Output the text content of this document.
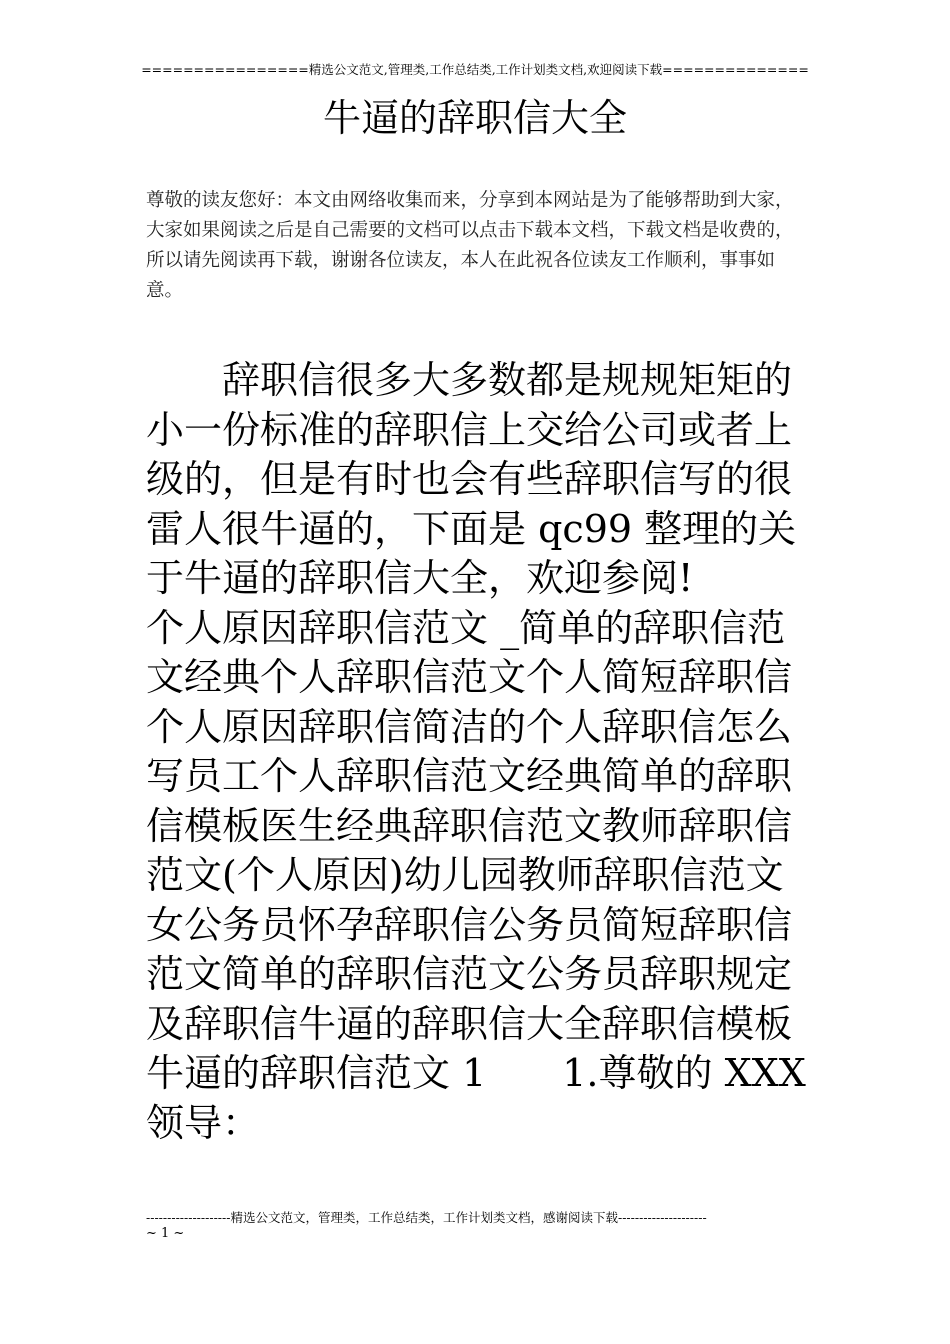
================精选公文范文,管理类,工作总结类,工作计划类文档,欢迎阅读下载==============
牛逼的辞职信大全
尊敬的读友您好：本文由网络收集而来，分享到本网站是为了能够帮助到大家，大家如果阅读之后是自己需要的文档可以点击下载本文档，下载文档是收费的，所以请先阅读再下载，谢谢各位读友，本人在此祝各位读友工作顺利，事事如意。

辞职信很多大多数都是规规矩矩的小一份标准的辞职信上交给公司或者上级的，但是有时也会有些辞职信写的很雷人很牛逼的，下面是 qc99 整理的关于牛逼的辞职信大全，欢迎参阅!

个人原因辞职信范文 _简单的辞职信范文经典个人辞职信范文个人简短辞职信个人原因辞职信简洁的个人辞职信怎么写员工个人辞职信范文经典简单的辞职信模板医生经典辞职信范文教师辞职信范文(个人原因)幼儿园教师辞职信范文女公务员怀孕辞职信公务员简短辞职信范文简单的辞职信范文公务员辞职规定及辞职信牛逼的辞职信大全辞职信模板牛逼的辞职信范文 1　　1.尊敬的 XXX 领导：

--------------------精选公文范文，管理类，工作总结类，工作计划类文档，感谢阅读下载---------------------
~ 1 ~
